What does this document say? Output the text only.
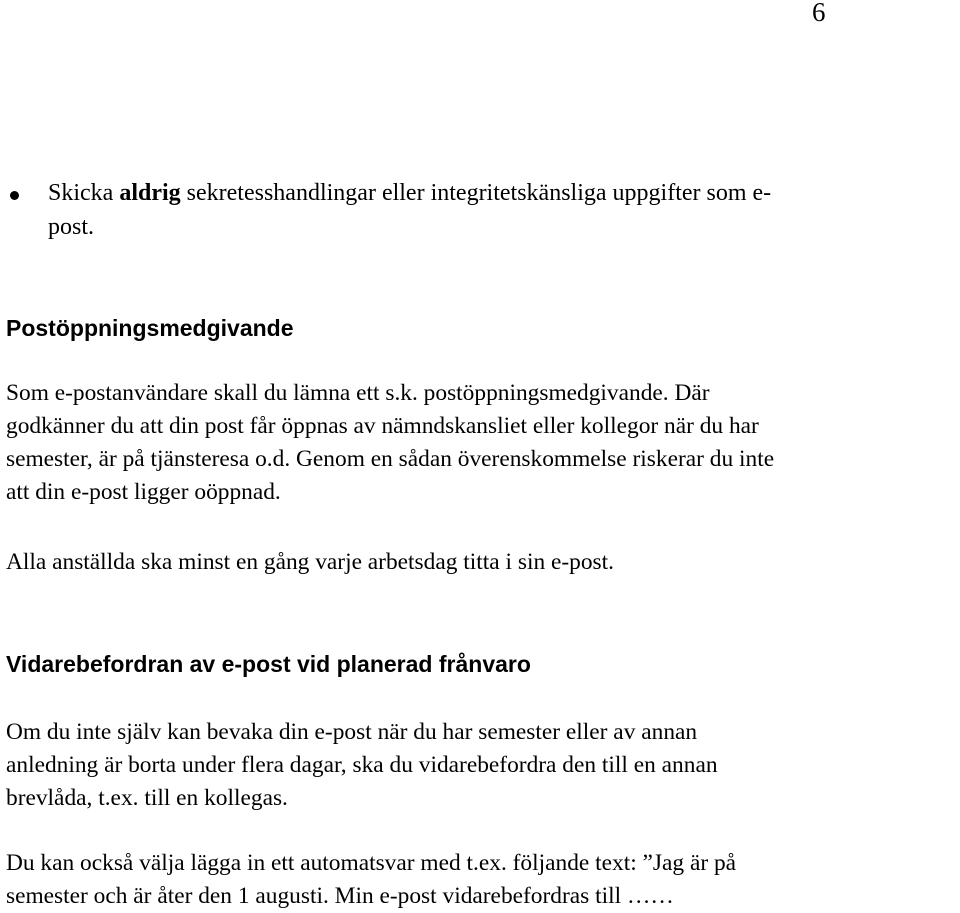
6
Skicka aldrig sekretesshandlingar eller integritetskänsliga uppgifter som e-
post.
Postöppningsmedgivande
Som e-postanvändare skall du lämna ett s.k. postöppningsmedgivande. Där
godkänner du att din post får öppnas av nämndskansliet eller kollegor när du har
semester, är på tjänsteresa o.d. Genom en sådan överenskommelse riskerar du inte
att din e-post ligger oöppnad.
Alla anställda ska minst en gång varje arbetsdag titta i sin e-post.
Vidarebefordran av e-post vid planerad frånvaro
Om du inte själv kan bevaka din e-post när du har semester eller av annan
anledning är borta under flera dagar, ska du vidarebefordra den till en annan
brevlåda, t.ex. till en kollegas.
Du kan också välja lägga in ett automatsvar med t.ex. följande text: ”Jag är på
semester och är åter den 1 augusti. Min e-post vidarebefordras till ……
